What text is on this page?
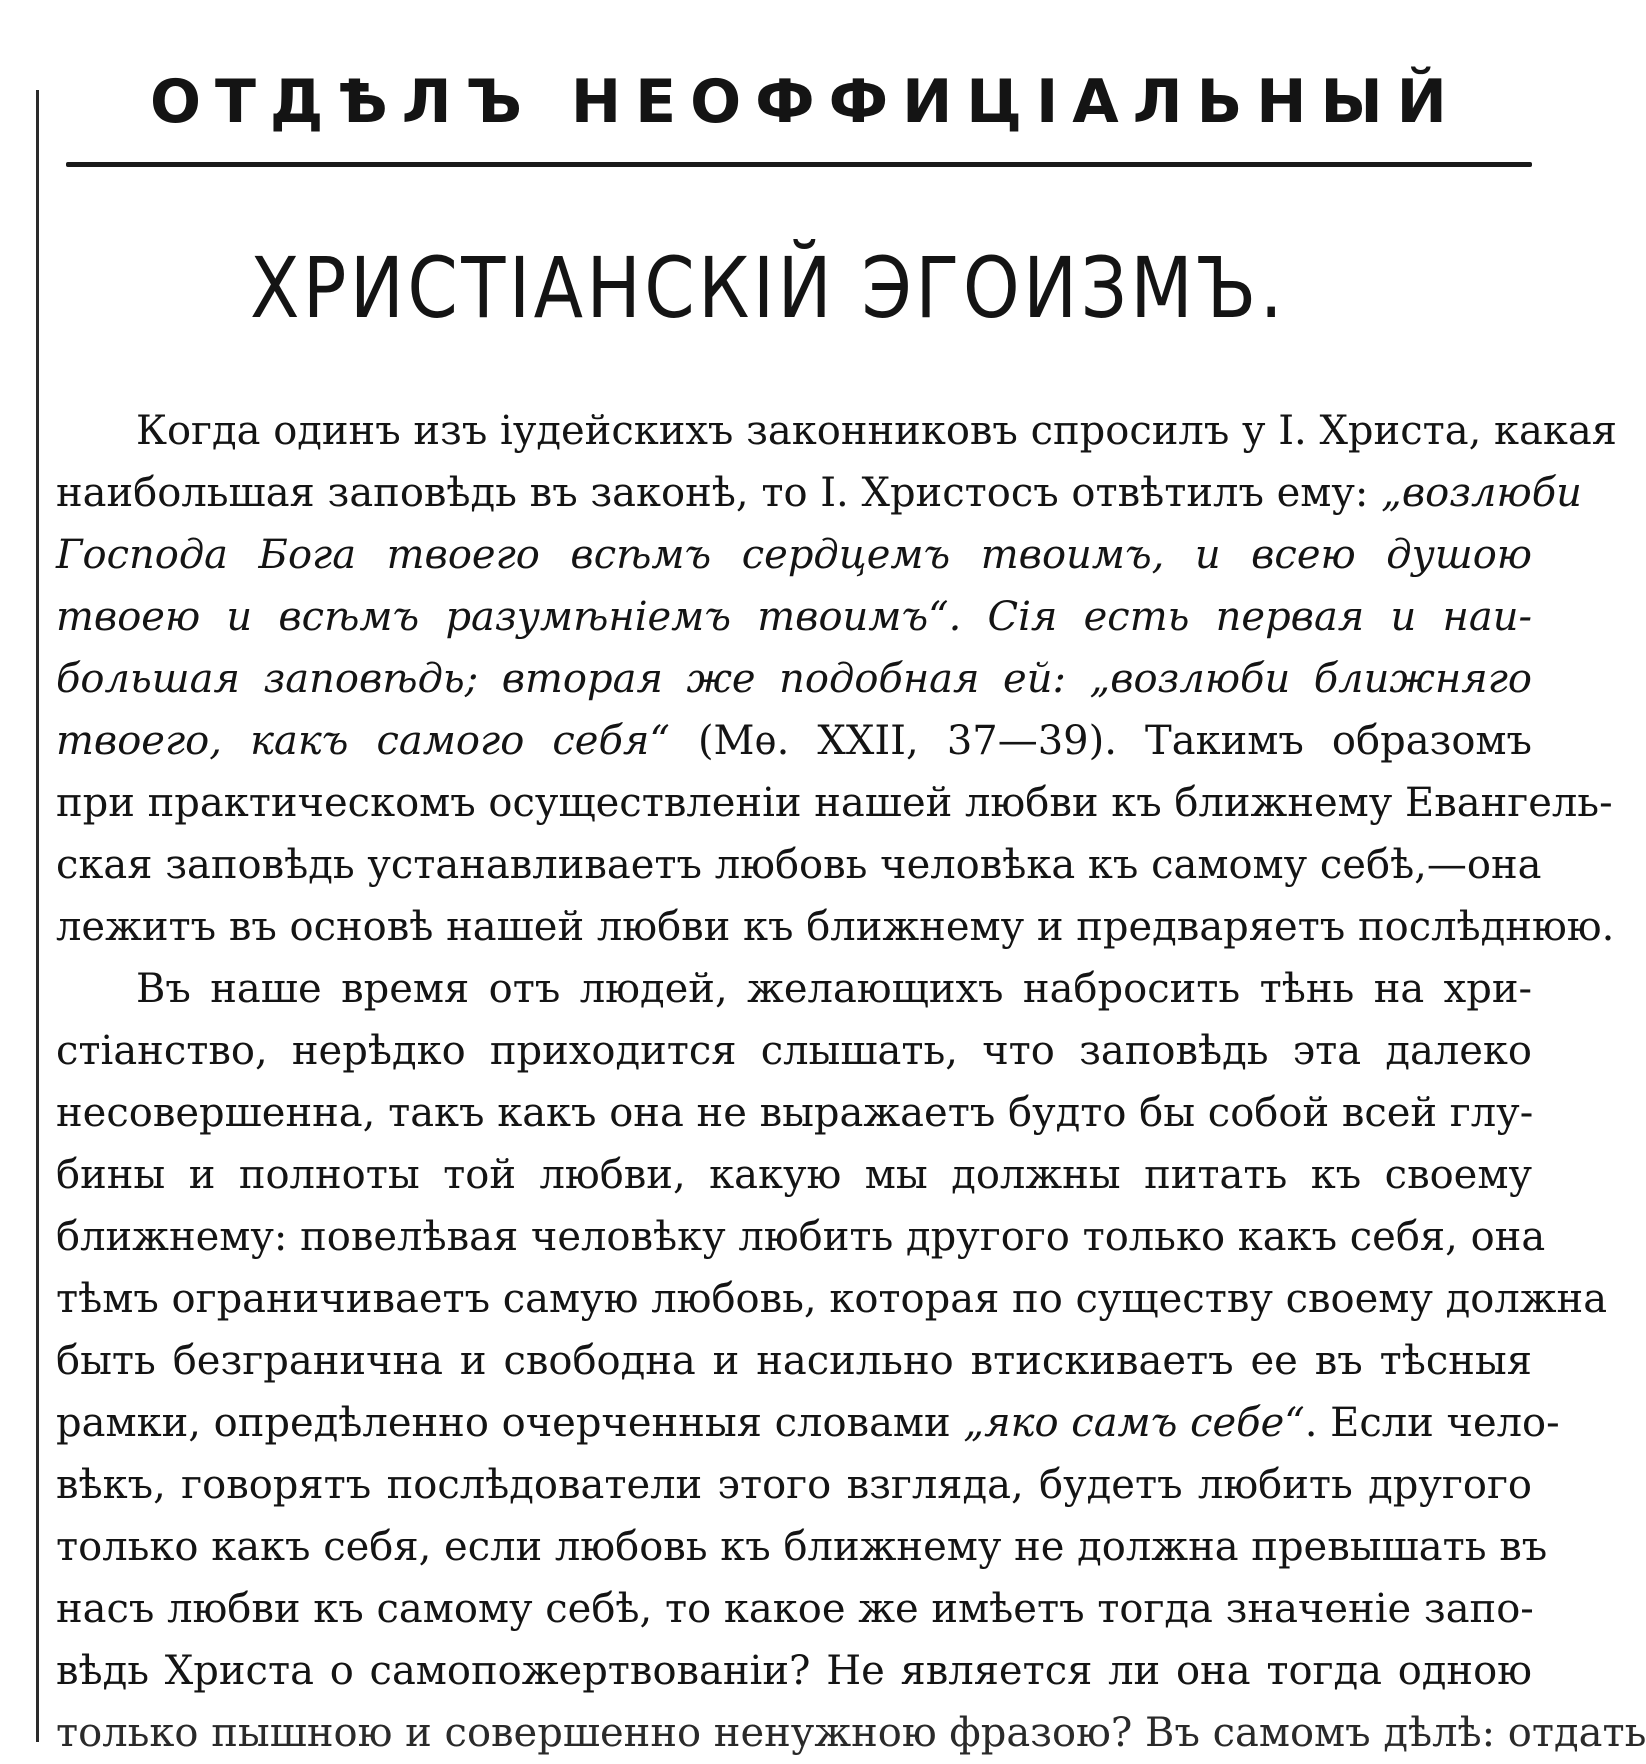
ОТДѢЛЪ НЕОФФИЦІАЛЬНЫЙ
ХРИСТІАНСКІЙ ЭГОИЗМЪ.
Когда одинъ изъ іудейскихъ законниковъ спросилъ у І. Христа, какая
наибольшая заповѣдь въ законѣ, то І. Христосъ отвѣтилъ ему: „возлюби
Господа Бога твоего всѣмъ сердцемъ твоимъ, и всею душою
твоею и всѣмъ разумѣніемъ твоимъ“. Сія есть первая и наи-
большая заповѣдь; вторая же подобная ей: „возлюби ближняго
твоего, какъ самого себя“ (Мѳ. XXII, 37—39). Такимъ образомъ
при практическомъ осуществленіи нашей любви къ ближнему Евангель-
ская заповѣдь устанавливаетъ любовь человѣка къ самому себѣ,—она
лежитъ въ основѣ нашей любви къ ближнему и предваряетъ послѣднюю.
Въ наше время отъ людей, желающихъ набросить тѣнь на хри-
стіанство, нерѣдко приходится слышать, что заповѣдь эта далеко
несовершенна, такъ какъ она не выражаетъ будто бы собой всей глу-
бины и полноты той любви, какую мы должны питать къ своему
ближнему: повелѣвая человѣку любить другого только какъ себя, она
тѣмъ ограничиваетъ самую любовь, которая по существу своему должна
быть безгранична и свободна и насильно втискиваетъ ее въ тѣсныя
рамки, опредѣленно очерченныя словами „яко самъ себе“. Если чело-
вѣкъ, говорятъ послѣдователи этого взгляда, будетъ любить другого
только какъ себя, если любовь къ ближнему не должна превышать въ
насъ любви къ самому себѣ, то какое же имѣетъ тогда значеніе запо-
вѣдь Христа о самопожертвованіи? Не является ли она тогда одною
только пышною и совершенно ненужною фразою? Въ самомъ дѣлѣ: отдать
